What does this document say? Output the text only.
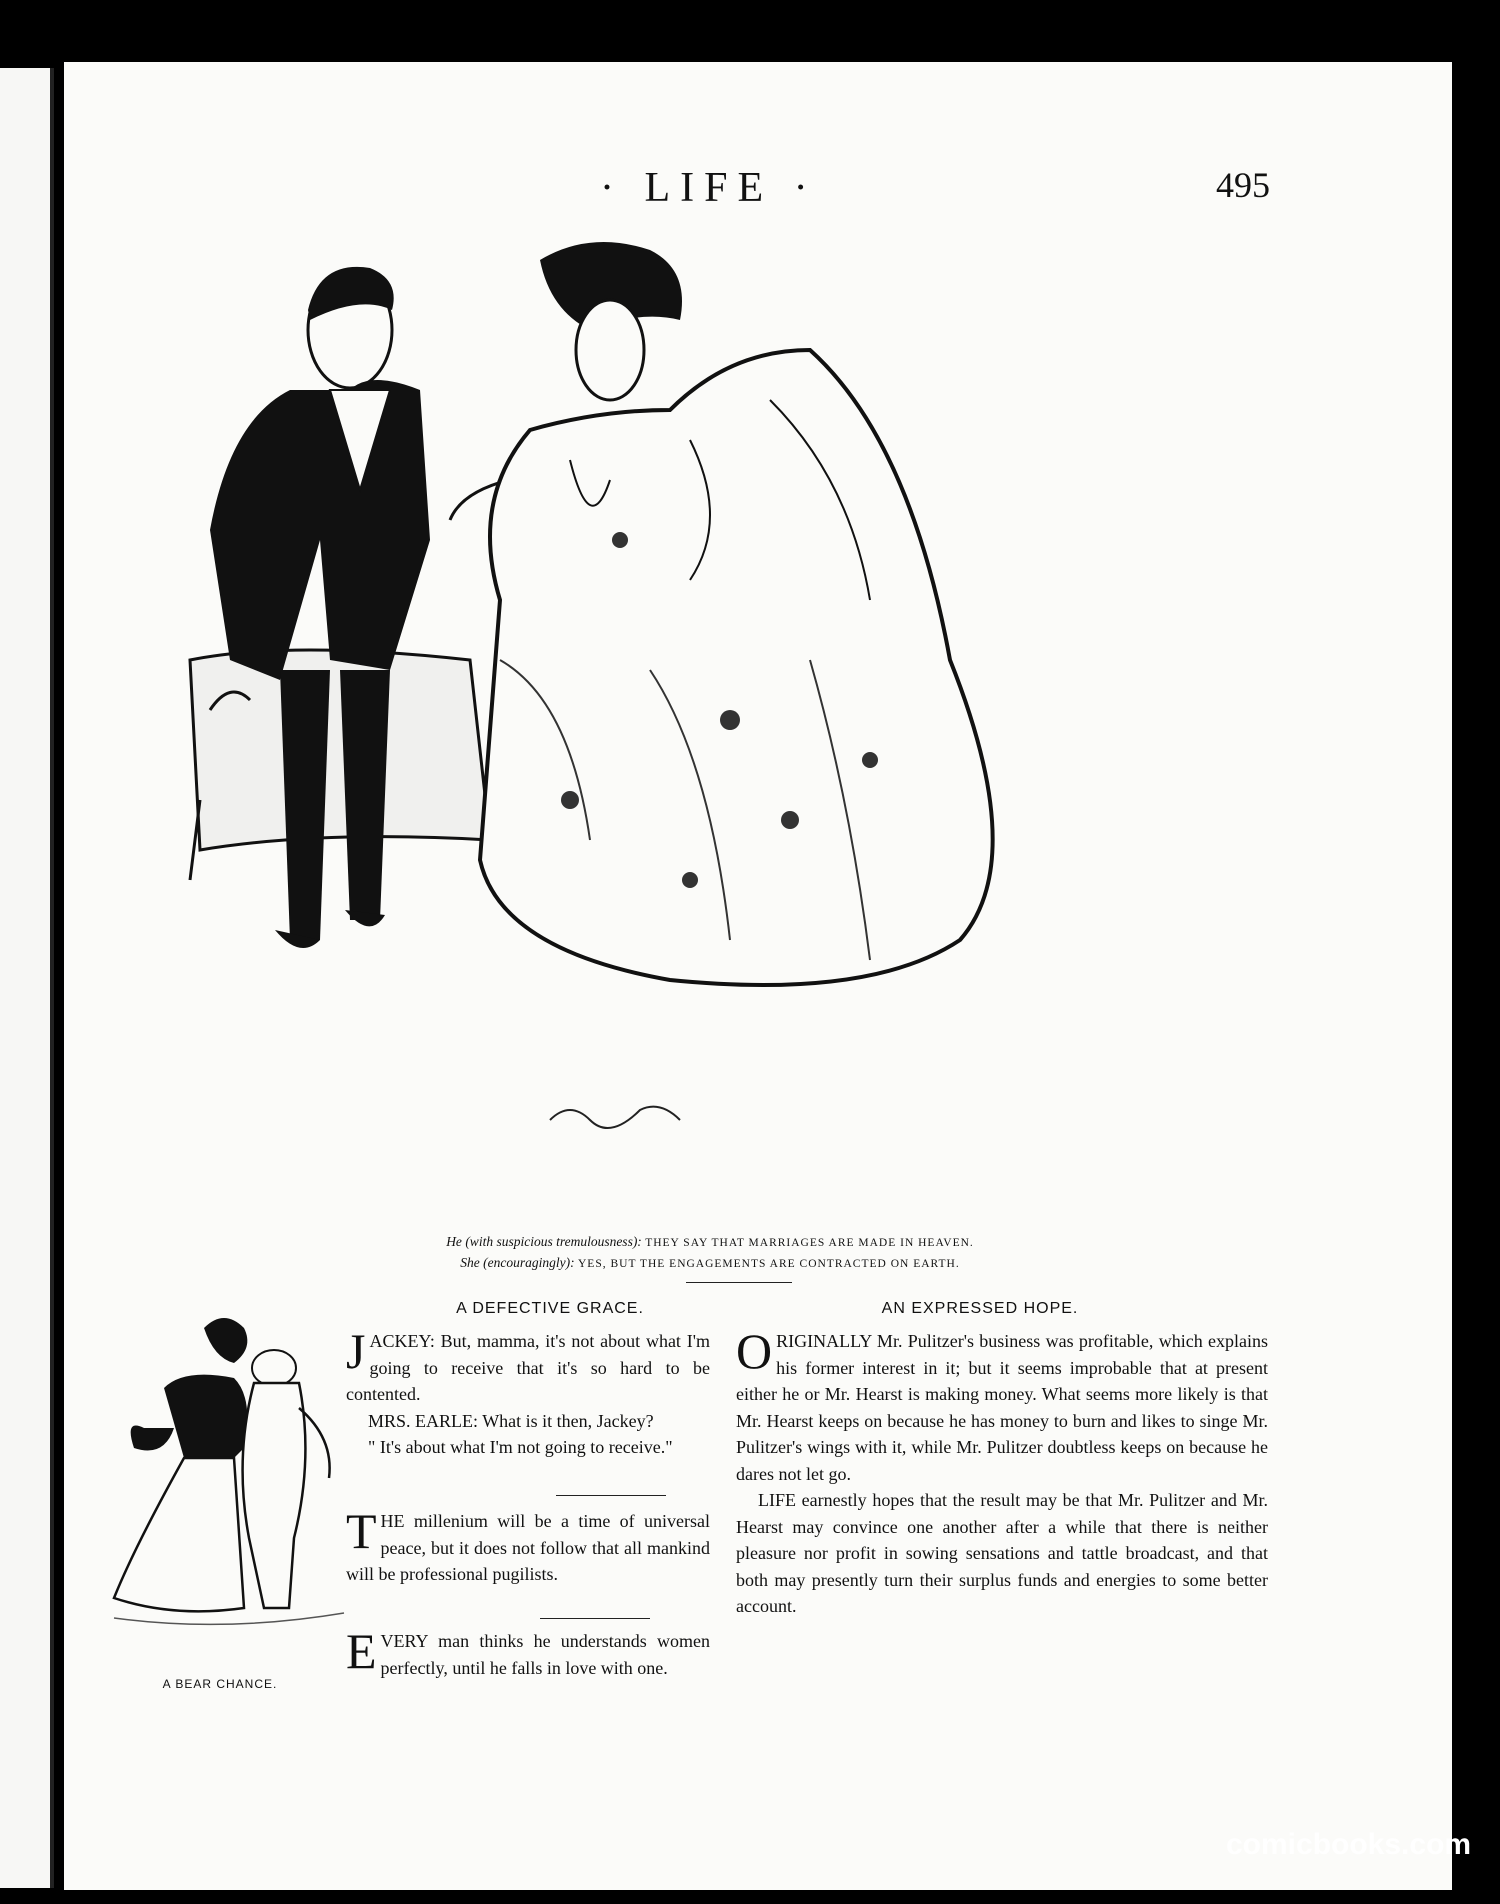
· LIFE ·	495
He (with suspicious tremulousness): THEY SAY THAT MARRIAGES ARE MADE IN HEAVEN.
She (encouragingly): YES, BUT THE ENGAGEMENTS ARE CONTRACTED ON EARTH.
A BEAR CHANCE.
A DEFECTIVE GRACE.

JACKEY: But, mamma, it's not about what I'm going to receive that it's so hard to be contented.

MRS. EARLE: What is it then, Jackey?

" It's about what I'm not going to receive."

THE millenium will be a time of universal peace, but it does not follow that all mankind will be professional pugilists.

EVERY man thinks he understands women perfectly, until he falls in love with one.

AN EXPRESSED HOPE.

ORIGINALLY Mr. Pulitzer's business was profitable, which explains his former interest in it; but it seems improbable that at present either he or Mr. Hearst is making money. What seems more likely is that Mr. Hearst keeps on because he has money to burn and likes to singe Mr. Pulitzer's wings with it, while Mr. Pulitzer doubtless keeps on because he dares not let go.

LIFE earnestly hopes that the result may be that Mr. Pulitzer and Mr. Hearst may convince one another after a while that there is neither pleasure nor profit in sowing sensations and tattle broadcast, and that both may presently turn their surplus funds and energies to some better account.

comicbooks.com
